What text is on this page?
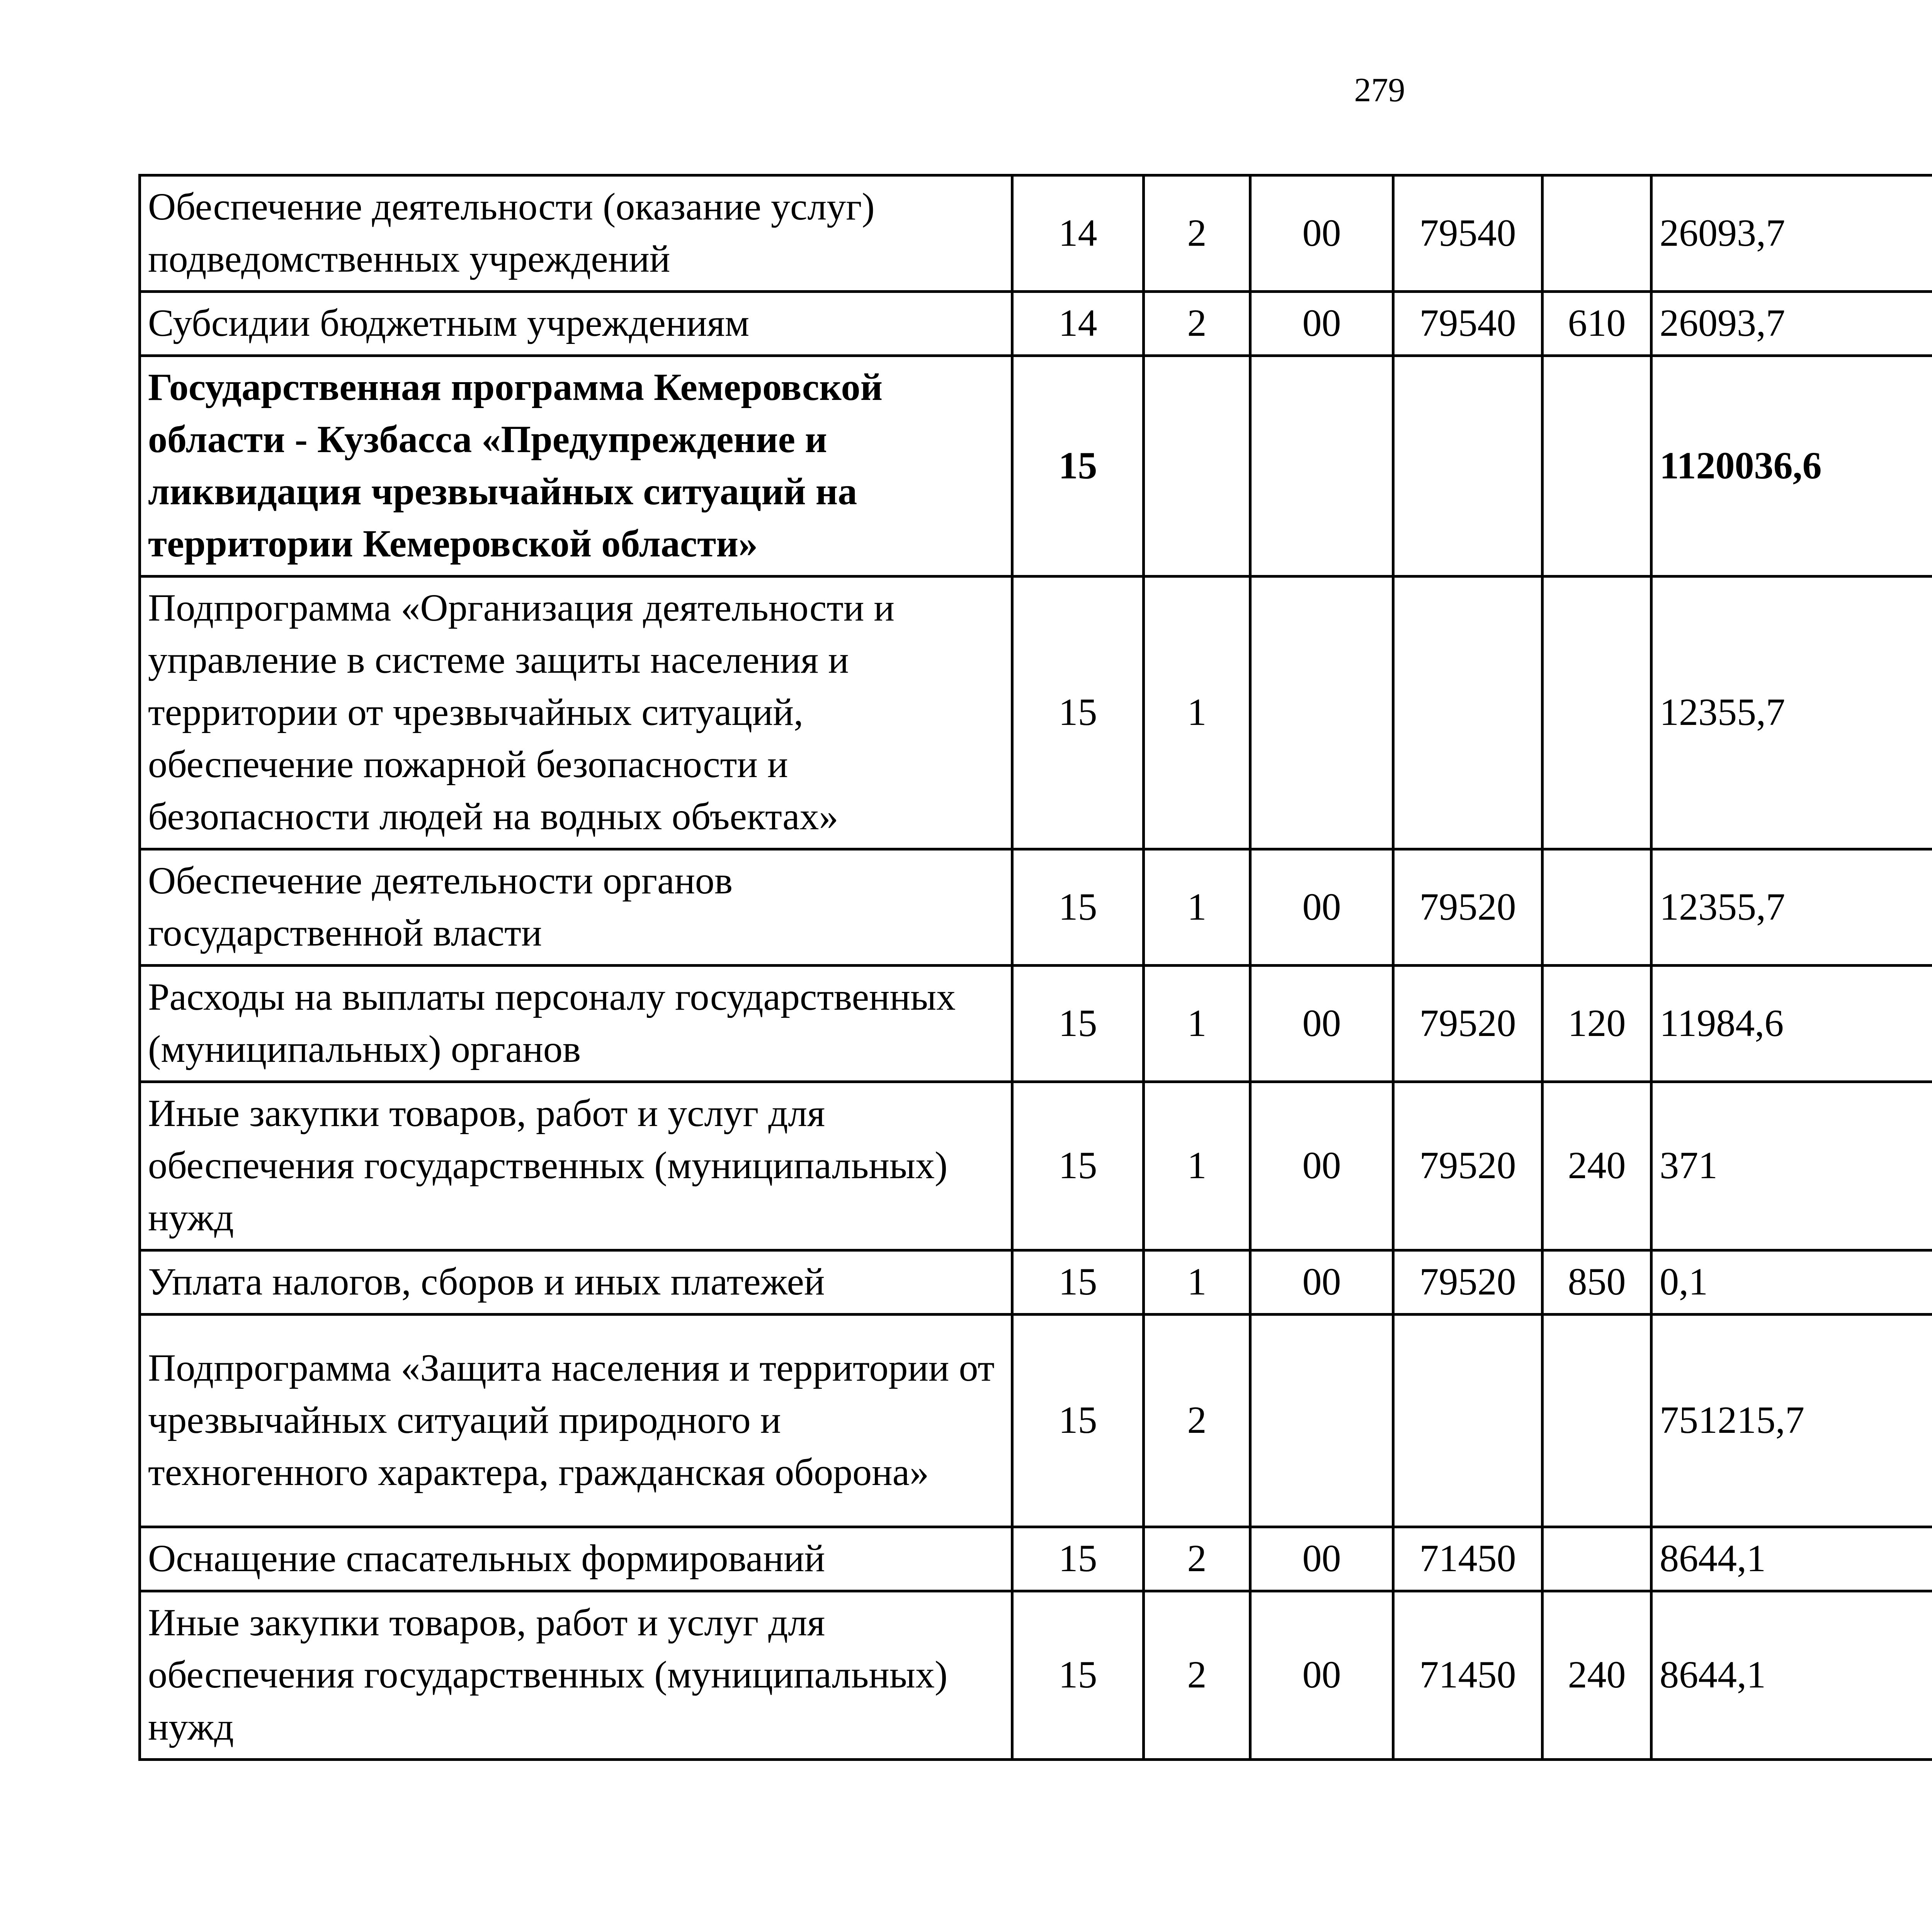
279
Обеспечение деятельности (оказание услуг) подведомственных учреждений	14	2	00	79540		26093,7		
Субсидии бюджетным учреждениям	14	2	00	79540	610	26093,7		
Государственная программа Кемеровской области - Кузбасса «Предупреждение и ликвидация чрезвычайных ситуаций на территории Кемеровской области»	15					1120036,6		
Подпрограмма «Организация деятельности и управление в системе защиты населения и территории от чрезвычайных ситуаций, обеспечение пожарной безопасности и безопасности людей на водных объектах»	15	1				12355,7		
Обеспечение деятельности органов государственной власти	15	1	00	79520		12355,7		
Расходы на выплаты персоналу государственных (муниципальных) органов	15	1	00	79520	120	11984,6		
Иные закупки товаров, работ и услуг для обеспечения государственных (муниципальных) нужд	15	1	00	79520	240	371		
Уплата налогов, сборов и иных платежей	15	1	00	79520	850	0,1		
Подпрограмма «Защита населения и территории от чрезвычайных ситуаций природного и техногенного характера, гражданская оборона»	15	2				751215,7		
Оснащение спасательных формирований	15	2	00	71450		8644,1		
Иные закупки товаров, работ и услуг для обеспечения государственных (муниципальных) нужд	15	2	00	71450	240	8644,1		
